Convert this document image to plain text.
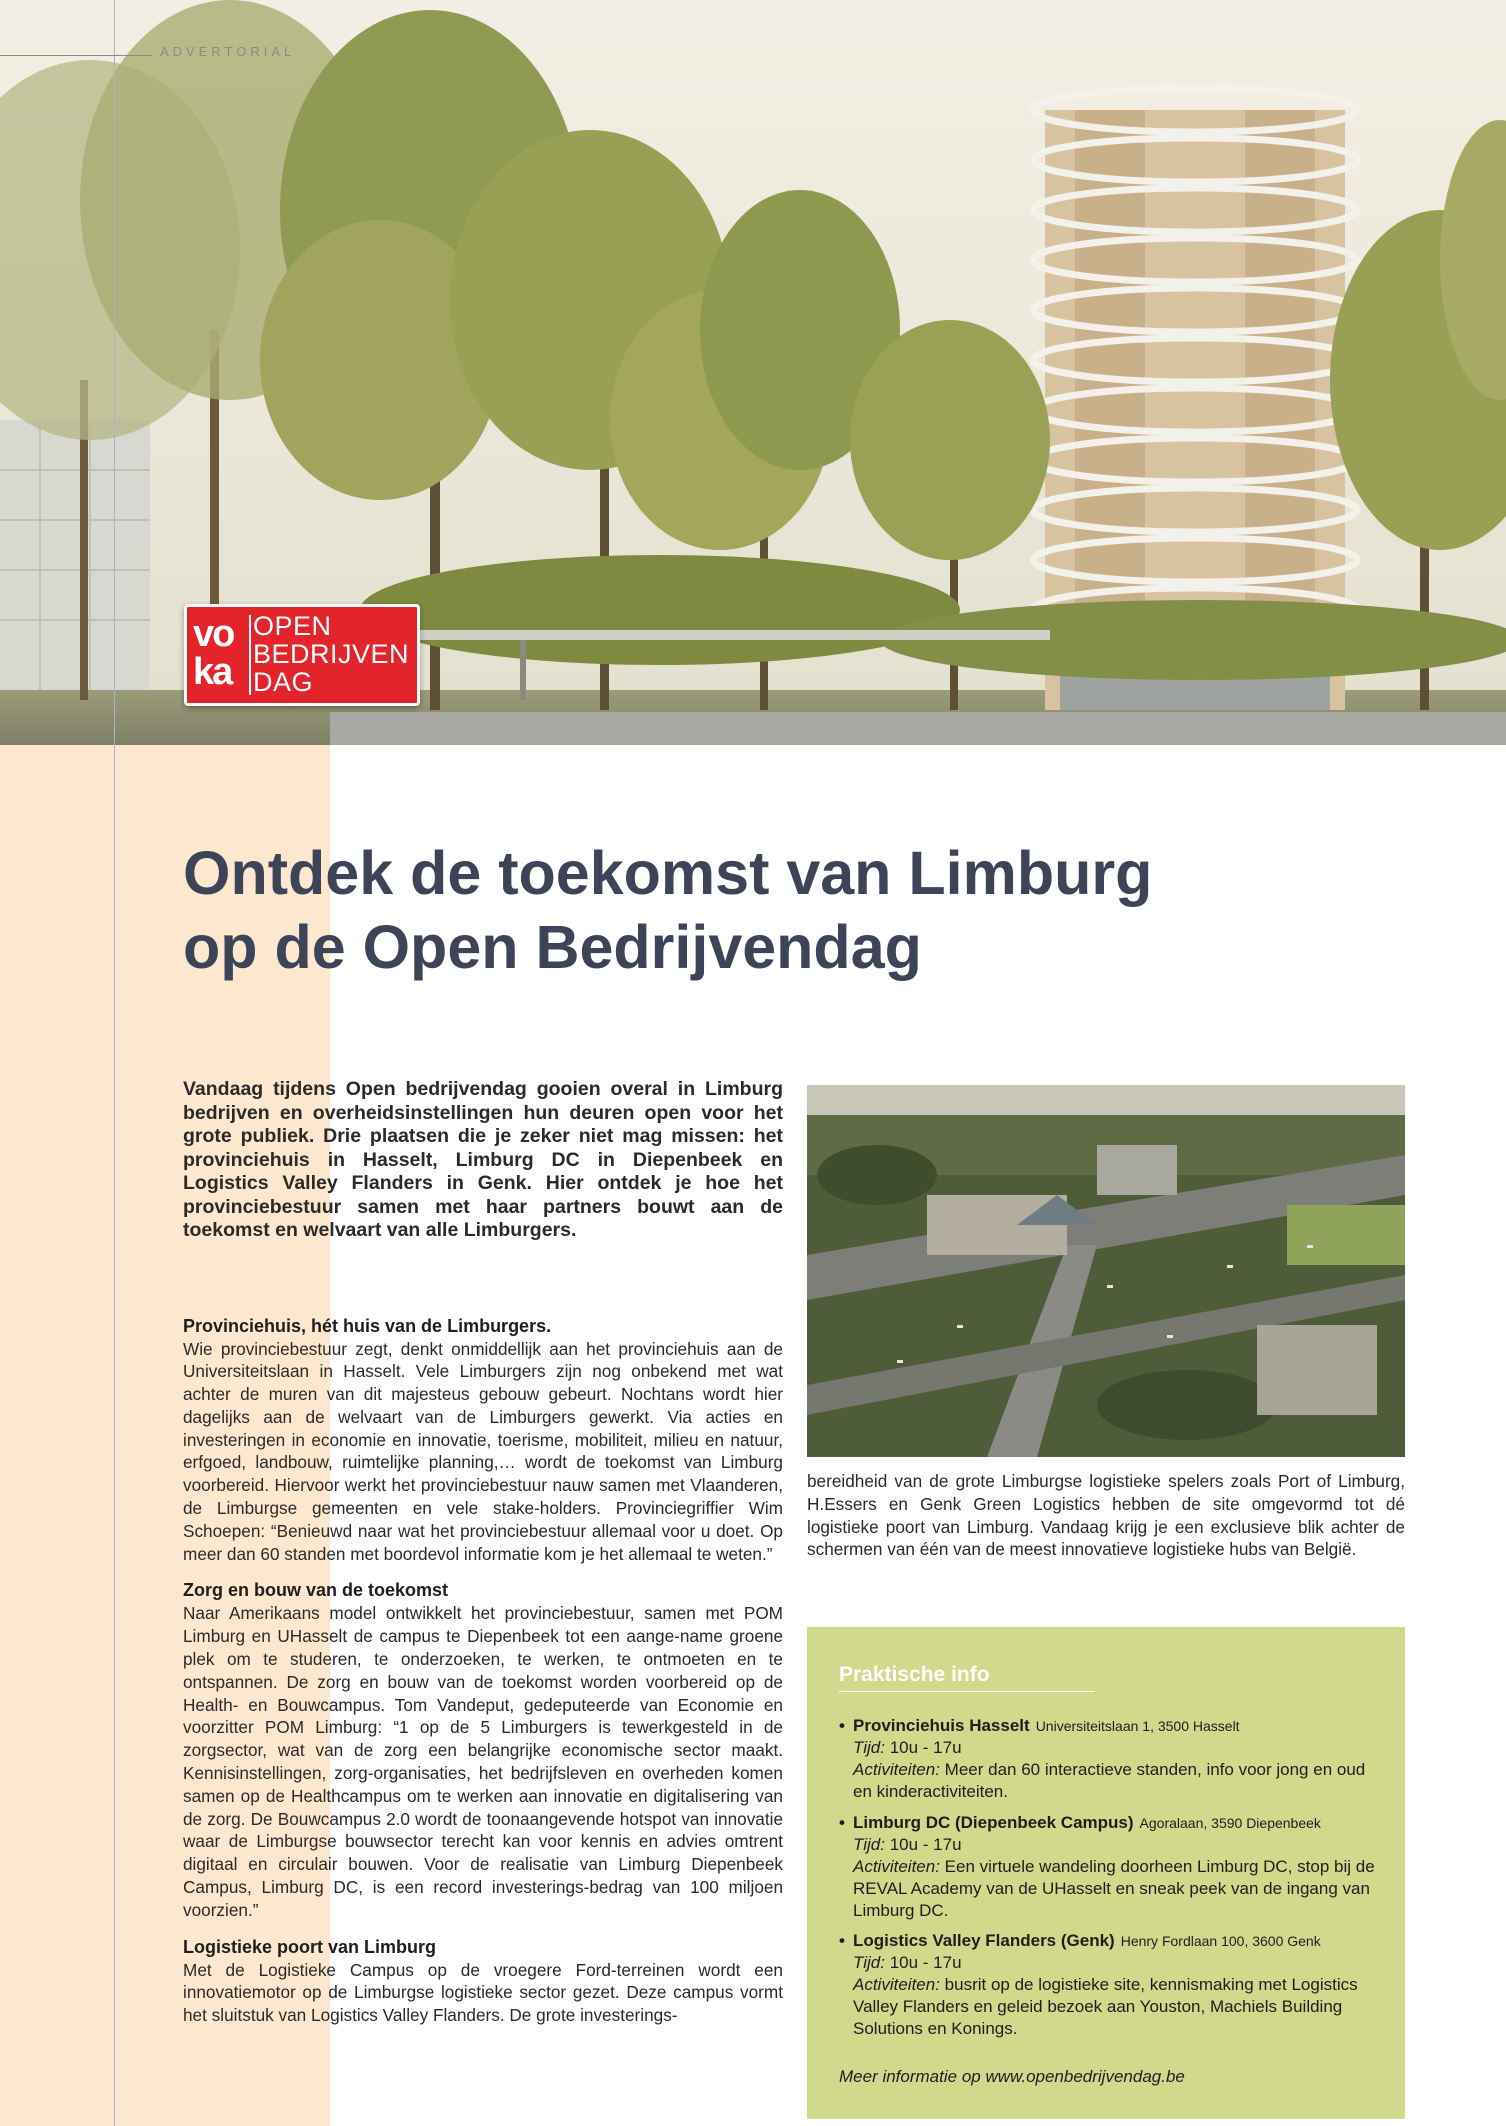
ADVERTORIAL
vo
ka
OPEN
BEDRIJVEN
DAG
Ontdek de toekomst van Limburg
op de Open Bedrijvendag

Vandaag tijdens Open bedrijvendag gooien overal in Limburg bedrijven en overheidsinstellingen hun deuren open voor het grote publiek. Drie plaatsen die je zeker niet mag missen: het provinciehuis in Hasselt, Limburg DC in Diepenbeek en Logistics Valley Flanders in Genk. Hier ontdek je hoe het provinciebestuur samen met haar partners bouwt aan de toekomst en welvaart van alle Limburgers.

Provinciehuis, hét huis van de Limburgers.

Wie provinciebestuur zegt, denkt onmiddellijk aan het provinciehuis aan de Universiteitslaan in Hasselt. Vele Limburgers zijn nog onbekend met wat achter de muren van dit majesteus gebouw gebeurt. Nochtans wordt hier dagelijks aan de welvaart van de Limburgers gewerkt. Via acties en investeringen in economie en innovatie, toerisme, mobiliteit, milieu en natuur, erfgoed, landbouw, ruimtelijke planning,… wordt de toekomst van Limburg voorbereid. Hiervoor werkt het provinciebestuur nauw samen met Vlaanderen, de Limburgse gemeenten en vele stake-holders. Provinciegriffier Wim Schoepen: “Benieuwd naar wat het provinciebestuur allemaal voor u doet. Op meer dan 60 standen met boordevol informatie kom je het allemaal te weten.”

Zorg en bouw van de toekomst

Naar Amerikaans model ontwikkelt het provinciebestuur, samen met POM Limburg en UHasselt de campus te Diepenbeek tot een aange-name groene plek om te studeren, te onderzoeken, te werken, te ontmoeten en te ontspannen. De zorg en bouw van de toekomst worden voorbereid op de Health- en Bouwcampus. Tom Vandeput, gedeputeerde van Economie en voorzitter POM Limburg: “1 op de 5 Limburgers is tewerkgesteld in de zorgsector, wat van de zorg een belangrijke economische sector maakt. Kennisinstellingen, zorg-organisaties, het bedrijfsleven en overheden komen samen op de Healthcampus om te werken aan innovatie en digitalisering van de zorg. De Bouwcampus 2.0 wordt de toonaangevende hotspot van innovatie waar de Limburgse bouwsector terecht kan voor kennis en advies omtrent digitaal en circulair bouwen. Voor de realisatie van Limburg Diepenbeek Campus, Limburg DC, is een record investerings-bedrag van 100 miljoen voorzien.”

Logistieke poort van Limburg

Met de Logistieke Campus op de vroegere Ford-terreinen wordt een innovatiemotor op de Limburgse logistieke sector gezet. Deze campus vormt het sluitstuk van Logistics Valley Flanders. De grote investerings-

bereidheid van de grote Limburgse logistieke spelers zoals Port of Limburg, H.Essers en Genk Green Logistics hebben de site omgevormd tot dé logistieke poort van Limburg. Vandaag krijg je een exclusieve blik achter de schermen van één van de meest innovatieve logistieke hubs van België.

Praktische info
• Provinciehuis Hasselt Universiteitslaan 1, 3500 Hasselt
Tijd: 10u - 17u
Activiteiten: Meer dan 60 interactieve standen, info voor jong en oud en kinderactiviteiten.
• Limburg DC (Diepenbeek Campus) Agoralaan, 3590 Diepenbeek
Tijd: 10u - 17u
Activiteiten: Een virtuele wandeling doorheen Limburg DC, stop bij de REVAL Academy van de UHasselt en sneak peek van de ingang van Limburg DC.
• Logistics Valley Flanders (Genk) Henry Fordlaan 100, 3600 Genk
Tijd: 10u - 17u
Activiteiten: busrit op de logistieke site, kennismaking met Logistics Valley Flanders en geleid bezoek aan Youston, Machiels Building Solutions en Konings.
Meer informatie op www.openbedrijvendag.be
